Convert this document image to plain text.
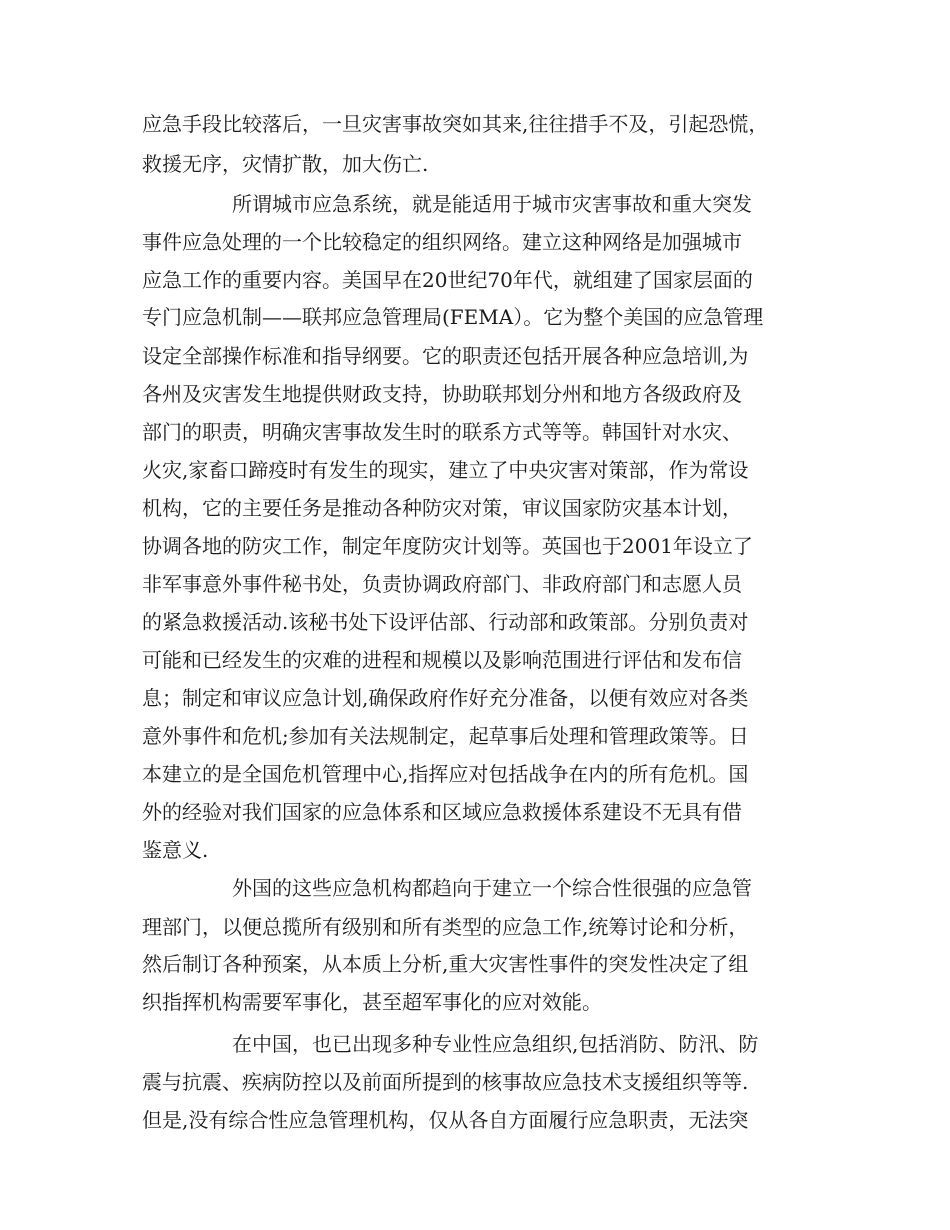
应急手段比较落后，一旦灾害事故突如其来,往往措手不及，引起恐慌，
救援无序，灾情扩散，加大伤亡.
所谓城市应急系统，就是能适用于城市灾害事故和重大突发
事件应急处理的一个比较稳定的组织网络。建立这种网络是加强城市
应急工作的重要内容。美国早在20世纪70年代，就组建了国家层面的
专门应急机制——联邦应急管理局(FEMA）。它为整个美国的应急管理
设定全部操作标准和指导纲要。它的职责还包括开展各种应急培训,为
各州及灾害发生地提供财政支持，协助联邦划分州和地方各级政府及
部门的职责，明确灾害事故发生时的联系方式等等。韩国针对水灾、
火灾,家畜口蹄疫时有发生的现实，建立了中央灾害对策部，作为常设
机构，它的主要任务是推动各种防灾对策，审议国家防灾基本计划，
协调各地的防灾工作，制定年度防灾计划等。英国也于2001年设立了
非军事意外事件秘书处，负责协调政府部门、非政府部门和志愿人员
的紧急救援活动.该秘书处下设评估部、行动部和政策部。分别负责对
可能和已经发生的灾难的进程和规模以及影响范围进行评估和发布信
息；制定和审议应急计划,确保政府作好充分准备，以便有效应对各类
意外事件和危机;参加有关法规制定，起草事后处理和管理政策等。日
本建立的是全国危机管理中心,指挥应对包括战争在内的所有危机。国
外的经验对我们国家的应急体系和区域应急救援体系建设不无具有借
鉴意义.
外国的这些应急机构都趋向于建立一个综合性很强的应急管
理部门，以便总揽所有级别和所有类型的应急工作,统筹讨论和分析，
然后制订各种预案，从本质上分析,重大灾害性事件的突发性决定了组
织指挥机构需要军事化，甚至超军事化的应对效能。
在中国，也已出现多种专业性应急组织,包括消防、防汛、防
震与抗震、疾病防控以及前面所提到的核事故应急技术支援组织等等.
但是,没有综合性应急管理机构，仅从各自方面履行应急职责，无法突
